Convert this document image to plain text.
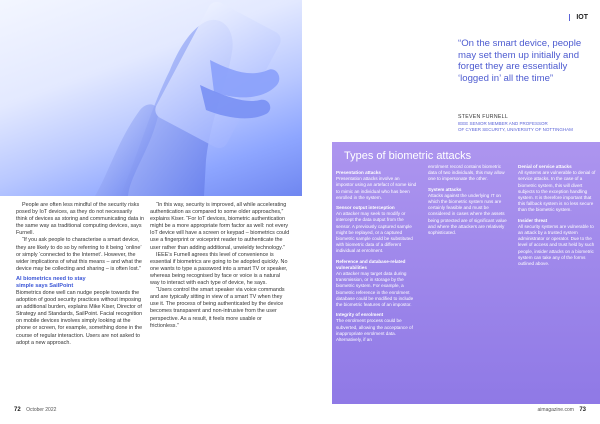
People are often less mindful of the security risks posed by IoT devices, as they do not necessarily think of devices as storing and communicating data in the same way as traditional computing devices, says Furnell.

“If you ask people to characterise a smart device, they are likely to do so by referring to it being ‘online’ or simply ‘connected to the Internet’. However, the wider implications of what this means – and what the device may be collecting and sharing – is often lost.”

AI biometrics need to stay
simple says SailPoint

Biometrics done well can nudge people towards the adoption of good security practices without imposing an additional burden, explains Mike Kiser, Director of Strategy and Standards, SailPoint. Facial recognition on mobile devices involves simply looking at the phone or screen, for example, something done in the course of regular interaction. Users are not asked to adopt a new approach.

“In this way, security is improved, all while accelerating authentication as compared to some older approaches,” explains Kiser. “For IoT devices, biometric authentication might be a more appropriate form factor as well: not every IoT device will have a screen or keypad – biometrics could use a fingerprint or voiceprint reader to authenticate the user rather than adding additional, unwieldy technology.”

IEEE’s Furnell agrees this level of convenience is essential if biometrics are going to be adopted quickly. No one wants to type a password into a smart TV or speaker, whereas being recognised by face or voice is a natural way to interact with each type of device, he says.

“Users control the smart speaker via voice commands and are typically sitting in view of a smart TV when they use it. The process of being authenticated by the device becomes transparent and non-intrusive from the user perspective. As a result, it feels more usable or frictionless.”

72 October 2022
IOT
“On the smart device, people may set them up initially and forget they are essentially ‘logged in’ all the time”
STEVEN FURNELL
IEEE SENIOR MEMBER AND PROFESSOR
OF CYBER SECURITY, UNIVERSITY OF NOTTINGHAM
Types of biometric attacks
Presentation attacks
Presentation attacks involve an impostor using an artefact of some kind to mimic an individual who has been enrolled in the system.
Sensor output interception
An attacker may seek to modify or intercept the data output from the sensor. A previously captured sample might be replayed, or a captured biometric sample could be substituted with biometric data of a different individual at enrolment.
Reference and database-related vulnerabilities
An attacker may target data during transmission, or in storage by the biometric system. For example, a biometric reference in the enrolment database could be modified to include the biometric features of an impostor.
Integrity of enrolment
The enrolment process could be subverted, allowing the acceptance of inappropriate enrolment data. Alternatively, if an
enrolment record contains biometric data of two individuals, this may allow one to impersonate the other.
System attacks
Attacks against the underlying IT on which the biometric system runs are certainly feasible and must be considered in cases where the assets being protected are of significant value and where the attackers are relatively sophisticated.
Denial of service attacks
All systems are vulnerable to denial of service attacks. In the case of a biometric system, this will divert subjects to the exception handling system. It is therefore important that this fallback system is no less secure than the biometric system.
Insider threat
All security systems are vulnerable to an attack by a trusted system administrator or operator. Due to the level of access and trust held by such people, insider attacks on a biometric system can take any of the forms outlined above.
aimagazine.com 73
